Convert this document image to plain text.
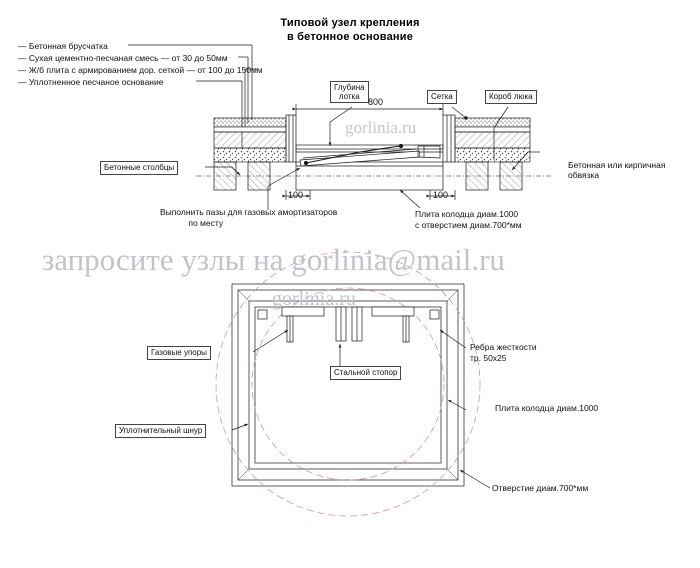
Типовой узел крепления
в бетонное основание
— Бетонная брусчатка
— Сухая цементно-песчаная смесь — от 30 до 50мм
— Ж/б плита с армированием дор. сеткой — от 100 до 150мм
— Уплотненное песчаное основание
Глубина
лотка
800
Сетка	Короб люка
Бетонные столбцы	Бетонная или кирпичная
обвязка
100	100
Выполнить пазы для газовых амортизаторов
по месту
Плита колодца диам.1000
с отверстием диам.700*мм
Газовые упоры
Стальной стопор
Ребра жесткости
тр. 50х25
Уплотнительный шнур
Плита колодца диам.1000
Отверстие диам.700*мм
gorlinia.ru
запросите узлы на gorlinia@mail.ru
gorlinia.ru
